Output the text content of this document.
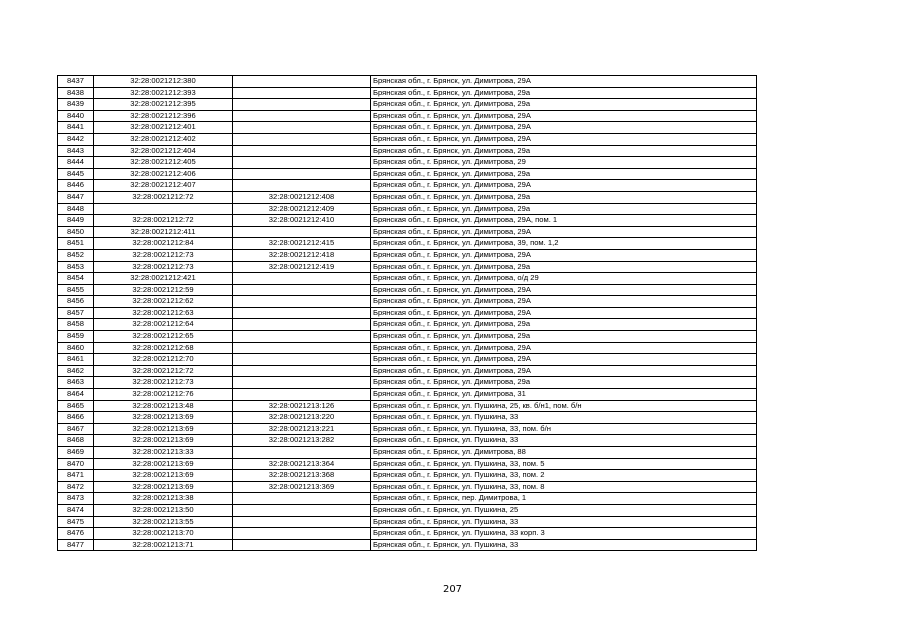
8437	32:28:0021212:380		Брянская обл., г. Брянск, ул. Димитрова, 29А
8438	32:28:0021212:393		Брянская обл., г. Брянск, ул. Димитрова, 29а
8439	32:28:0021212:395		Брянская обл., г. Брянск, ул. Димитрова, 29а
8440	32:28:0021212:396		Брянская обл., г. Брянск, ул. Димитрова, 29А
8441	32:28:0021212:401		Брянская обл., г. Брянск, ул. Димитрова, 29А
8442	32:28:0021212:402		Брянская обл., г. Брянск, ул. Димитрова, 29А
8443	32:28:0021212:404		Брянская обл., г. Брянск, ул. Димитрова, 29а
8444	32:28:0021212:405		Брянская обл., г. Брянск, ул. Димитрова, 29
8445	32:28:0021212:406		Брянская обл., г. Брянск, ул. Димитрова, 29а
8446	32:28:0021212:407		Брянская обл., г. Брянск, ул. Димитрова, 29А
8447	32:28:0021212:72	32:28:0021212:408	Брянская обл., г. Брянск, ул. Димитрова, 29а
8448		32:28:0021212:409	Брянская обл., г. Брянск, ул. Димитрова, 29а
8449	32:28:0021212:72	32:28:0021212:410	Брянская обл., г. Брянск, ул. Димитрова, 29А, пом. 1
8450	32:28:0021212:411		Брянская обл., г. Брянск, ул. Димитрова, 29А
8451	32:28:0021212:84	32:28:0021212:415	Брянская обл., г. Брянск, ул. Димитрова, 39, пом. 1,2
8452	32:28:0021212:73	32:28:0021212:418	Брянская обл., г. Брянск, ул. Димитрова, 29А
8453	32:28:0021212:73	32:28:0021212:419	Брянская обл., г. Брянск, ул. Димитрова, 29а
8454	32:28:0021212:421		Брянская обл., г. Брянск, ул. Димитрова, о/д 29
8455	32:28:0021212:59		Брянская обл., г. Брянск, ул. Димитрова, 29А
8456	32:28:0021212:62		Брянская обл., г. Брянск, ул. Димитрова, 29А
8457	32:28:0021212:63		Брянская обл., г. Брянск, ул. Димитрова, 29А
8458	32:28:0021212:64		Брянская обл., г. Брянск, ул. Димитрова, 29а
8459	32:28:0021212:65		Брянская обл., г. Брянск, ул. Димитрова, 29а
8460	32:28:0021212:68		Брянская обл., г. Брянск, ул. Димитрова, 29А
8461	32:28:0021212:70		Брянская обл., г. Брянск, ул. Димитрова, 29А
8462	32:28:0021212:72		Брянская обл., г. Брянск, ул. Димитрова, 29А
8463	32:28:0021212:73		Брянская обл., г. Брянск, ул. Димитрова, 29а
8464	32:28:0021212:76		Брянская обл., г. Брянск, ул. Димитрова, 31
8465	32:28:0021213:48	32:28:0021213:126	Брянская обл., г. Брянск, ул. Пушкина, 25, кв. б/н1, пом. б/н
8466	32:28:0021213:69	32:28:0021213:220	Брянская обл., г. Брянск, ул. Пушкина, 33
8467	32:28:0021213:69	32:28:0021213:221	Брянская обл., г. Брянск, ул. Пушкина, 33, пом. б/н
8468	32:28:0021213:69	32:28:0021213:282	Брянская обл., г. Брянск, ул. Пушкина, 33
8469	32:28:0021213:33		Брянская обл., г. Брянск, ул. Димитрова, 88
8470	32:28:0021213:69	32:28:0021213:364	Брянская обл., г. Брянск, ул. Пушкина, 33, пом. 5
8471	32:28:0021213:69	32:28:0021213:368	Брянская обл., г. Брянск, ул. Пушкина, 33, пом. 2
8472	32:28:0021213:69	32:28:0021213:369	Брянская обл., г. Брянск, ул. Пушкина, 33, пом. 8
8473	32:28:0021213:38		Брянская обл., г. Брянск, пер. Димитрова, 1
8474	32:28:0021213:50		Брянская обл., г. Брянск, ул. Пушкина, 25
8475	32:28:0021213:55		Брянская обл., г. Брянск, ул. Пушкина, 33
8476	32:28:0021213:70		Брянская обл., г. Брянск, ул. Пушкина, 33 корп. 3
8477	32:28:0021213:71		Брянская обл., г. Брянск, ул. Пушкина, 33
207
